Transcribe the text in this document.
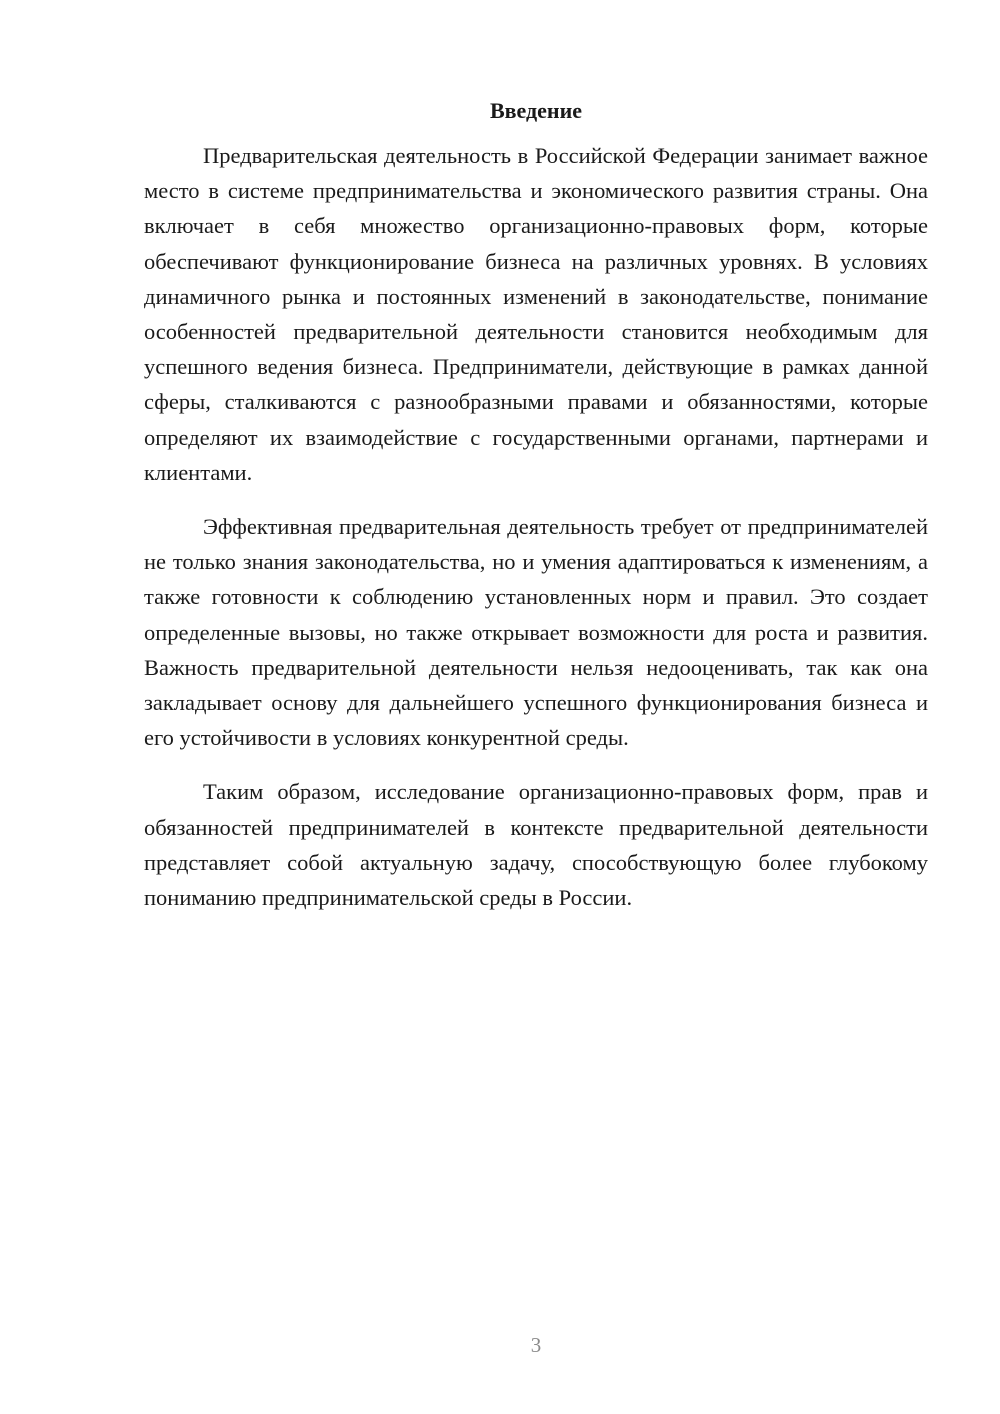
Введение

Предварительская деятельность в Российской Федерации занимает важное место в системе предпринимательства и экономического развития страны. Она включает в себя множество организационно-правовых форм, которые обеспечивают функционирование бизнеса на различных уровнях. В условиях динамичного рынка и постоянных изменений в законодательстве, понимание особенностей предварительной деятельности становится необходимым для успешного ведения бизнеса. Предприниматели, действующие в рамках данной сферы, сталкиваются с разнообразными правами и обязанностями, которые определяют их взаимодействие с государственными органами, партнерами и клиентами.

Эффективная предварительная деятельность требует от предпринимателей не только знания законодательства, но и умения адаптироваться к изменениям, а также готовности к соблюдению установленных норм и правил. Это создает определенные вызовы, но также открывает возможности для роста и развития. Важность предварительной деятельности нельзя недооценивать, так как она закладывает основу для дальнейшего успешного функционирования бизнеса и его устойчивости в условиях конкурентной среды.

Таким образом, исследование организационно-правовых форм, прав и обязанностей предпринимателей в контексте предварительной деятельности представляет собой актуальную задачу, способствующую более глубокому пониманию предпринимательской среды в России.

3
